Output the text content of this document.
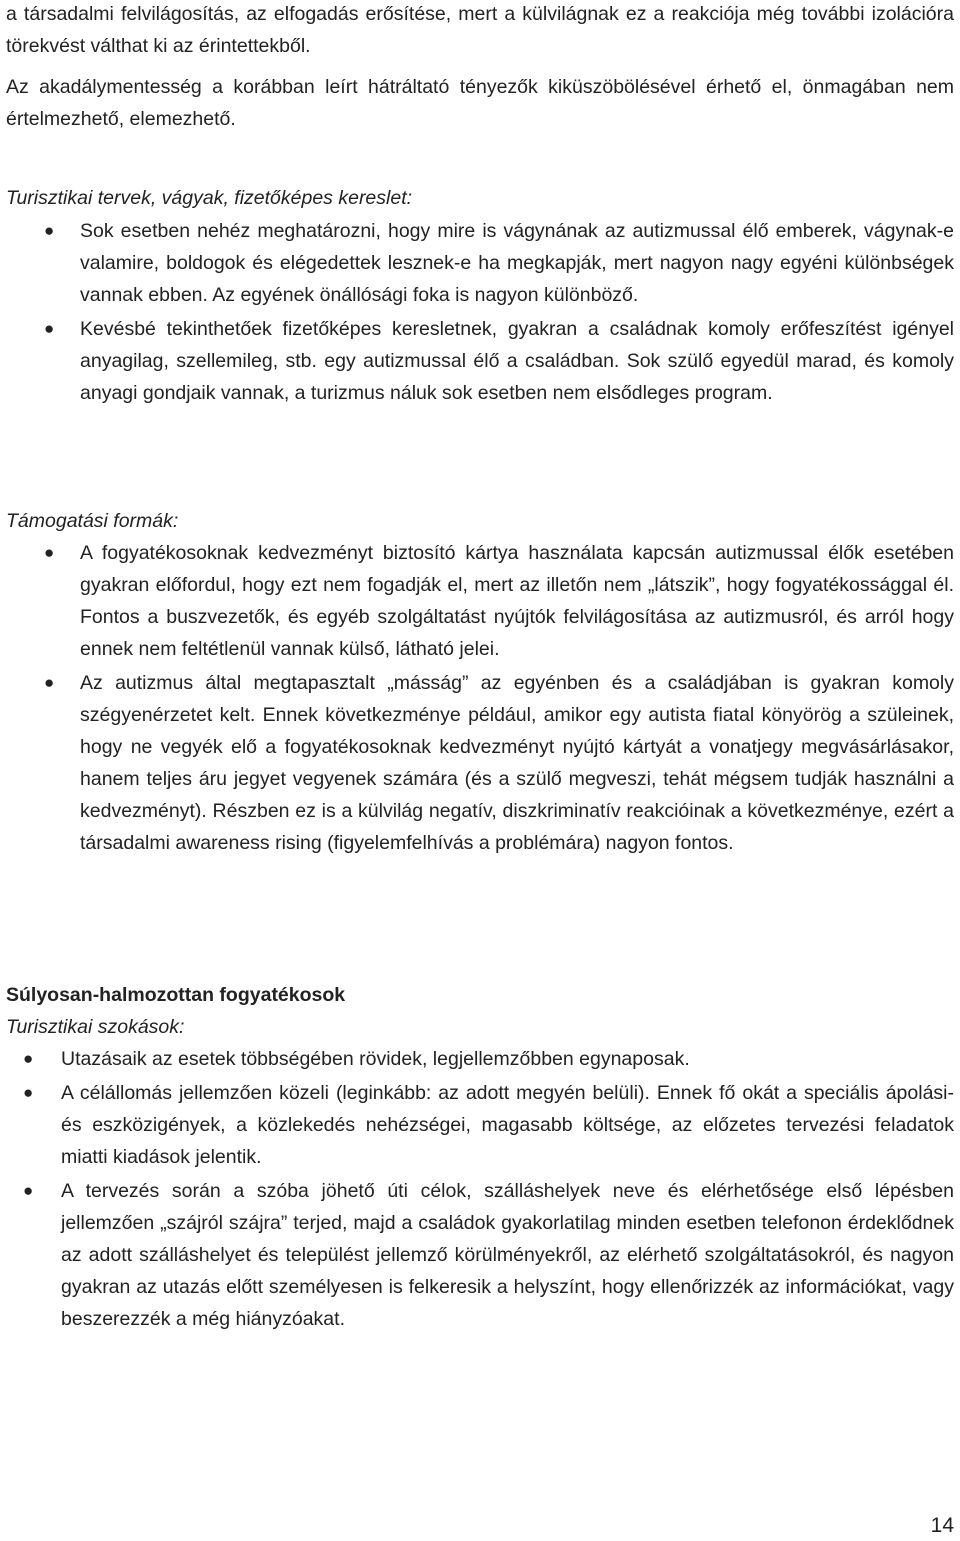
a társadalmi felvilágosítás, az elfogadás erősítése, mert a külvilágnak ez a reakciója még további izolációra törekvést válthat ki az érintettekből.

Az akadálymentesség a korábban leírt hátráltató tényezők kiküszöbölésével érhető el, önmagában nem értelmezhető, elemezhető.

Turisztikai tervek, vágyak, fizetőképes kereslet:

● Sok esetben nehéz meghatározni, hogy mire is vágynának az autizmussal élő emberek, vágynak-e valamire, boldogok és elégedettek lesznek-e ha megkapják, mert nagyon nagy egyéni különbségek vannak ebben. Az egyének önállósági foka is nagyon különböző.
● Kevésbé tekinthetőek fizetőképes keresletnek, gyakran a családnak komoly erőfeszítést igényel anyagilag, szellemileg, stb. egy autizmussal élő a családban. Sok szülő egyedül marad, és komoly anyagi gondjaik vannak, a turizmus náluk sok esetben nem elsődleges program.

Támogatási formák:

● A fogyatékosoknak kedvezményt biztosító kártya használata kapcsán autizmussal élők esetében gyakran előfordul, hogy ezt nem fogadják el, mert az illetőn nem „látszik”, hogy fogyatékossággal él. Fontos a buszvezetők, és egyéb szolgáltatást nyújtók felvilágosítása az autizmusról, és arról hogy ennek nem feltétlenül vannak külső, látható jelei.
● Az autizmus által megtapasztalt „másság” az egyénben és a családjában is gyakran komoly szégyenérzetet kelt. Ennek következménye például, amikor egy autista fiatal könyörög a szüleinek, hogy ne vegyék elő a fogyatékosoknak kedvezményt nyújtó kártyát a vonatjegy megvásárlásakor, hanem teljes áru jegyet vegyenek számára (és a szülő megveszi, tehát mégsem tudják használni a kedvezményt). Részben ez is a külvilág negatív, diszkriminatív reakcióinak a következménye, ezért a társadalmi awareness rising (figyelemfelhívás a problémára) nagyon fontos.

Súlyosan-halmozottan fogyatékosok

Turisztikai szokások:

● Utazásaik az esetek többségében rövidek, legjellemzőbben egynaposak.
● A célállomás jellemzően közeli (leginkább: az adott megyén belüli). Ennek fő okát a speciális ápolási- és eszközigények, a közlekedés nehézségei, magasabb költsége, az előzetes tervezési feladatok miatti kiadások jelentik.
● A tervezés során a szóba jöhető úti célok, szálláshelyek neve és elérhetősége első lépésben jellemzően „szájról szájra” terjed, majd a családok gyakorlatilag minden esetben telefonon érdeklődnek az adott szálláshelyet és települést jellemző körülményekről, az elérhető szolgáltatásokról, és nagyon gyakran az utazás előtt személyesen is felkeresik a helyszínt, hogy ellenőrizzék az információkat, vagy beszerezzék a még hiányzóakat.
14
